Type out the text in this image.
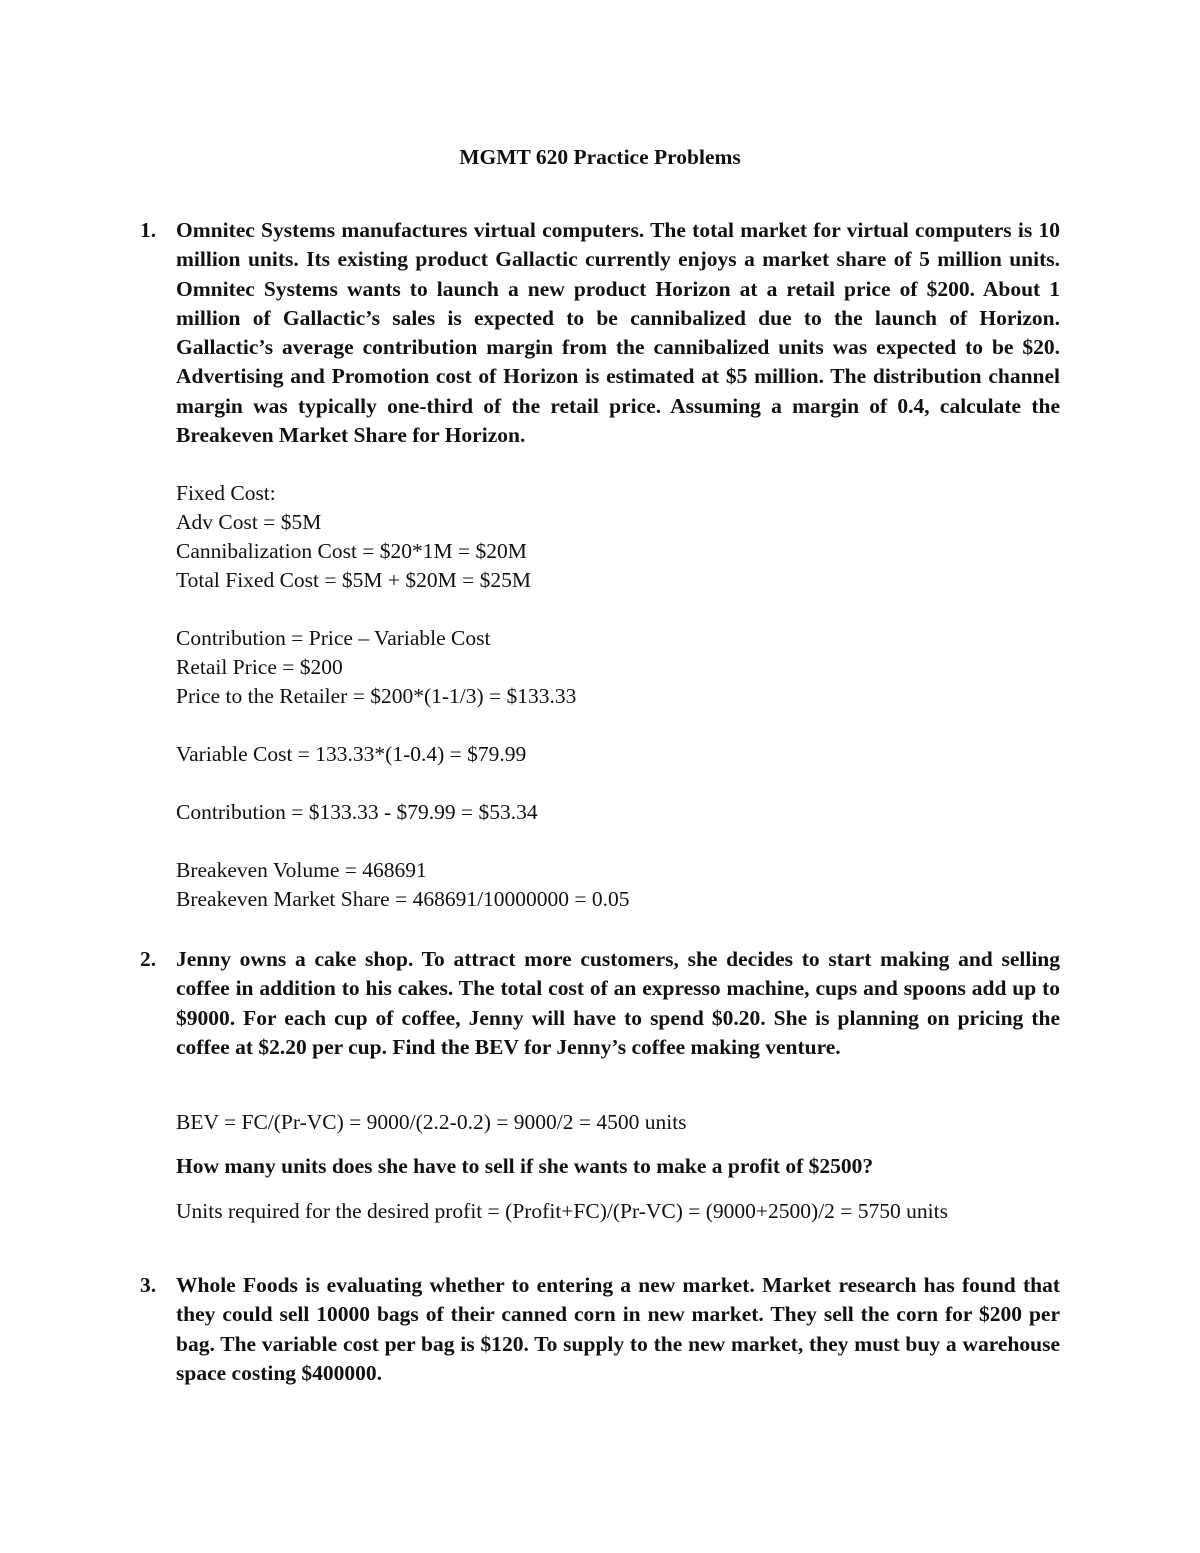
MGMT 620 Practice Problems
1. Omnitec Systems manufactures virtual computers. The total market for virtual computers is 10 million units. Its existing product Gallactic currently enjoys a market share of 5 million units. Omnitec Systems wants to launch a new product Horizon at a retail price of $200. About 1 million of Gallactic’s sales is expected to be cannibalized due to the launch of Horizon. Gallactic’s average contribution margin from the cannibalized units was expected to be $20. Advertising and Promotion cost of Horizon is estimated at $5 million. The distribution channel margin was typically one-third of the retail price. Assuming a margin of 0.4, calculate the Breakeven Market Share for Horizon.
Fixed Cost:
Adv Cost = $5M
Cannibalization Cost = $20*1M = $20M
Total Fixed Cost = $5M + $20M = $25M
Contribution = Price – Variable Cost
Retail Price = $200
Price to the Retailer = $200*(1-1/3) = $133.33
Variable Cost = 133.33*(1-0.4) = $79.99
Contribution = $133.33 - $79.99 = $53.34
Breakeven Volume = 468691
Breakeven Market Share = 468691/10000000 = 0.05
2. Jenny owns a cake shop. To attract more customers, she decides to start making and selling coffee in addition to his cakes. The total cost of an expresso machine, cups and spoons add up to $9000. For each cup of coffee, Jenny will have to spend $0.20. She is planning on pricing the coffee at $2.20 per cup. Find the BEV for Jenny’s coffee making venture.
BEV = FC/(Pr-VC) = 9000/(2.2-0.2) = 9000/2 = 4500 units
How many units does she have to sell if she wants to make a profit of $2500?
Units required for the desired profit = (Profit+FC)/(Pr-VC) = (9000+2500)/2 = 5750 units
3. Whole Foods is evaluating whether to entering a new market. Market research has found that they could sell 10000 bags of their canned corn in new market. They sell the corn for $200 per bag. The variable cost per bag is $120. To supply to the new market, they must buy a warehouse space costing $400000.
